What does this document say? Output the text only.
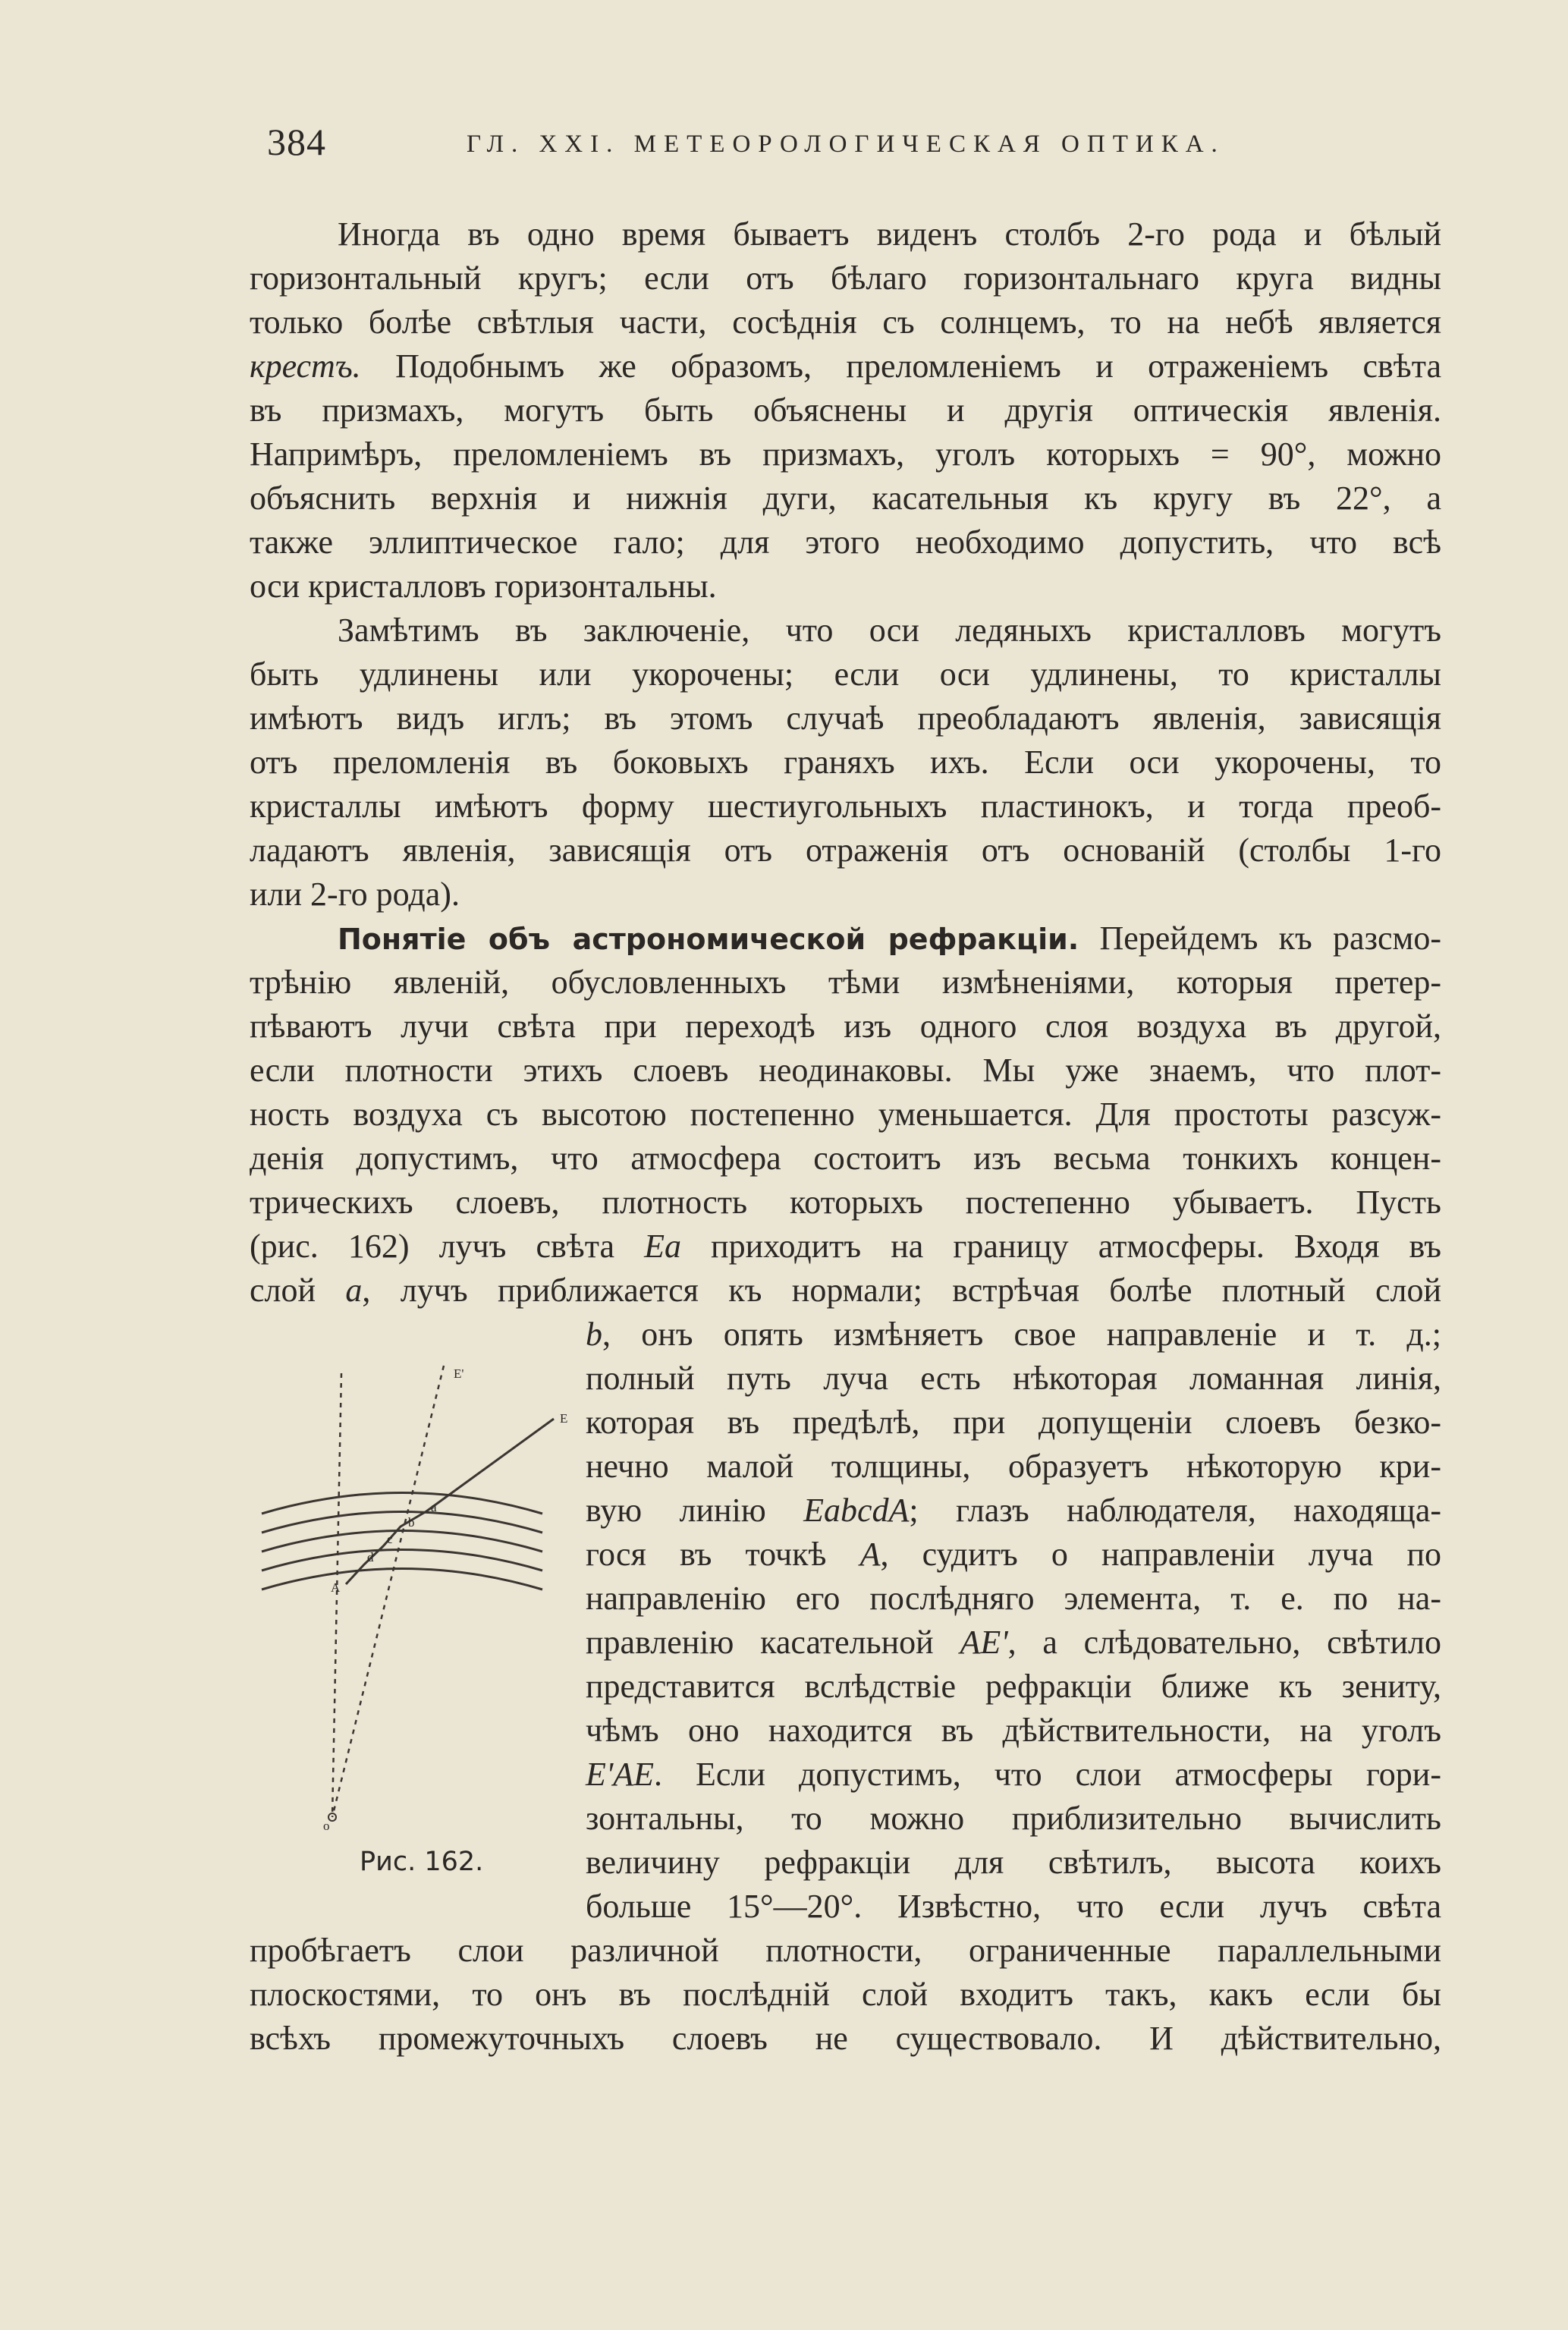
384	ГЛ. XXI. МЕТЕОРОЛОГИЧЕСКАЯ ОПТИКА.
Иногда въ одно время бываетъ виденъ столбъ 2-го рода и бѣлый
горизонтальный кругъ; если отъ бѣлаго горизонтальнаго круга видны
только болѣе свѣтлыя части, сосѣднія съ солнцемъ, то на небѣ является
крестъ. Подобнымъ же образомъ, преломленіемъ и отраженіемъ свѣта
въ призмахъ, могутъ быть объяснены и другія оптическія явленія.
Напримѣръ, преломленіемъ въ призмахъ, уголъ которыхъ = 90°, можно
объяснить верхнія и нижнія дуги, касательныя къ кругу въ 22°, а
также эллиптическое гало; для этого необходимо допустить, что всѣ
оси кристалловъ горизонтальны.
Замѣтимъ въ заключеніе, что оси ледяныхъ кристалловъ могутъ
быть удлинены или укорочены; если оси удлинены, то кристаллы
имѣютъ видъ иглъ; въ этомъ случаѣ преобладаютъ явленія, зависящія
отъ преломленія въ боковыхъ граняхъ ихъ. Если оси укорочены, то
кристаллы имѣютъ форму шестиугольныхъ пластинокъ, и тогда преоб-
ладаютъ явленія, зависящія отъ отраженія отъ основаній (столбы 1-го
или 2-го рода).
Понятіе объ астрономической рефракціи. Перейдемъ къ разсмо-
трѣнію явленій, обусловленныхъ тѣми измѣненіями, которыя претер-
пѣваютъ лучи свѣта при переходѣ изъ одного слоя воздуха въ другой,
если плотности этихъ слоевъ неодинаковы. Мы уже знаемъ, что плот-
ность воздуха съ высотою постепенно уменьшается. Для простоты разсуж-
денія допустимъ, что атмосфера состоитъ изъ весьма тонкихъ концен-
трическихъ слоевъ, плотность которыхъ постепенно убываетъ. Пусть
(рис. 162) лучъ свѣта Ea приходитъ на границу атмосферы. Входя въ
слой a, лучъ приближается къ нормали; встрѣчая болѣе плотный слой
b, онъ опять измѣняетъ свое направленіе и т. д.;
полный путь луча есть нѣкоторая ломанная линія,
которая въ предѣлѣ, при допущеніи слоевъ безко-
нечно малой толщины, образуетъ нѣкоторую кри-
вую линію EabcdA; глазъ наблюдателя, находяща-
гося въ точкѣ A, судитъ о направленіи луча по
направленію его послѣдняго элемента, т. е. по на-
правленію касательной AE', а слѣдовательно, свѣтило
представится вслѣдствіе рефракціи ближе къ зениту,
чѣмъ оно находится въ дѣйствительности, на уголъ
E'AE. Если допустимъ, что слои атмосферы гори-
зонтальны, то можно приблизительно вычислить
величину рефракціи для свѣтилъ, высота коихъ
больше 15°—20°. Извѣстно, что если лучъ свѣта
пробѣгаетъ слои различной плотности, ограниченные параллельными
плоскостями, то онъ въ послѣдній слой входитъ такъ, какъ если бы
всѣхъ промежуточныхъ слоевъ не существовало. И дѣйствительно,
E'
E
a
b
c
d
A
o
Рис. 162.
